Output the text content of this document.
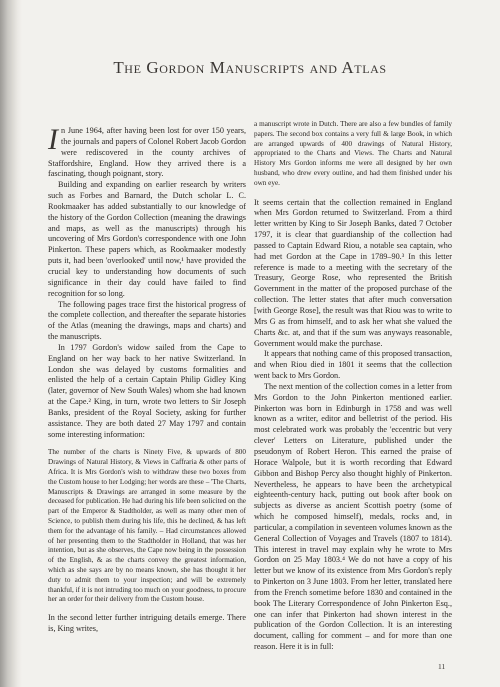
The Gordon Manuscripts and Atlas

In June 1964, after having been lost for over 150 years, the journals and papers of Colonel Robert Jacob Gordon were rediscovered in the county archives of Staffordshire, England. How they arrived there is a fascinating, though poignant, story.

Building and expanding on earlier research by writers such as Forbes and Barnard, the Dutch scholar L. C. Rookmaaker has added substantially to our knowledge of the history of the Gordon Collection (meaning the drawings and maps, as well as the manuscripts) through his uncovering of Mrs Gordon's correspondence with one John Pinkerton. These papers which, as Rookmaaker modestly puts it, had been 'overlooked' until now,¹ have provided the crucial key to understanding how documents of such significance in their day could have failed to find recognition for so long.

The following pages trace first the historical progress of the complete collection, and thereafter the separate histories of the Atlas (meaning the drawings, maps and charts) and the manuscripts.

In 1797 Gordon's widow sailed from the Cape to England on her way back to her native Switzerland. In London she was delayed by customs formalities and enlisted the help of a certain Captain Philip Gidley King (later, governor of New South Wales) whom she had known at the Cape.² King, in turn, wrote two letters to Sir Joseph Banks, president of the Royal Society, asking for further assistance. They are both dated 27 May 1797 and contain some interesting information:

The number of the charts is Ninety Five, & upwards of 800 Drawings of Natural History, & Views in Caffraria & other parts of Africa. It is Mrs Gordon's wish to withdraw these two boxes from the Custom house to her Lodging; her words are these – 'The Charts, Manuscripts & Drawings are arranged in some measure by the deceased for publication. He had during his life been solicited on the part of the Emperor & Stadtholder, as well as many other men of Science, to publish them during his life, this he declined, & has left them for the advantage of his family. – Had circumstances allowed of her presenting them to the Stadtholder in Holland, that was her intention, but as she observes, the Cape now being in the possession of the English, & as the charts convey the greatest information, which as she says are by no means known, she has thought it her duty to admit them to your inspection; and will be extremely thankful, if it is not intruding too much on your goodness, to procure her an order for their delivery from the Custom house.

In the second letter further intriguing details emerge. There is, King writes,

a manuscript wrote in Dutch. There are also a few bundles of family papers. The second box contains a very full & large Book, in which are arranged upwards of 400 drawings of Natural History, appropriated to the Charts and Views. The Charts and Natural History Mrs Gordon informs me were all designed by her own husband, who drew every outline, and had them finished under his own eye.

It seems certain that the collection remained in England when Mrs Gordon returned to Switzerland. From a third letter written by King to Sir Joseph Banks, dated 7 October 1797, it is clear that guardianship of the collection had passed to Captain Edward Riou, a notable sea captain, who had met Gordon at the Cape in 1789–90.³ In this letter reference is made to a meeting with the secretary of the Treasury, George Rose, who represented the British Government in the matter of the proposed purchase of the collection. The letter states that after much conversation [with George Rose], the result was that Riou was to write to Mrs G as from himself, and to ask her what she valued the Charts &c. at, and that if the sum was anyways reasonable, Government would make the purchase.

It appears that nothing came of this proposed transaction, and when Riou died in 1801 it seems that the collection went back to Mrs Gordon.

The next mention of the collection comes in a letter from Mrs Gordon to the John Pinkerton mentioned earlier. Pinkerton was born in Edinburgh in 1758 and was well known as a writer, editor and belletrist of the period. His most celebrated work was probably the 'eccentric but very clever' Letters on Literature, published under the pseudonym of Robert Heron. This earned the praise of Horace Walpole, but it is worth recording that Edward Gibbon and Bishop Percy also thought highly of Pinkerton. Nevertheless, he appears to have been the archetypical eighteenth-century hack, putting out book after book on subjects as diverse as ancient Scottish poetry (some of which he composed himself), medals, rocks and, in particular, a compilation in seventeen volumes known as the General Collection of Voyages and Travels (1807 to 1814). This interest in travel may explain why he wrote to Mrs Gordon on 25 May 1803.⁴ We do not have a copy of his letter but we know of its existence from Mrs Gordon's reply to Pinkerton on 3 June 1803. From her letter, translated here from the French sometime before 1830 and contained in the book The Literary Correspondence of John Pinkerton Esq., one can infer that Pinkerton had shown interest in the publication of the Gordon Collection. It is an interesting document, calling for comment – and for more than one reason. Here it is in full:

11
